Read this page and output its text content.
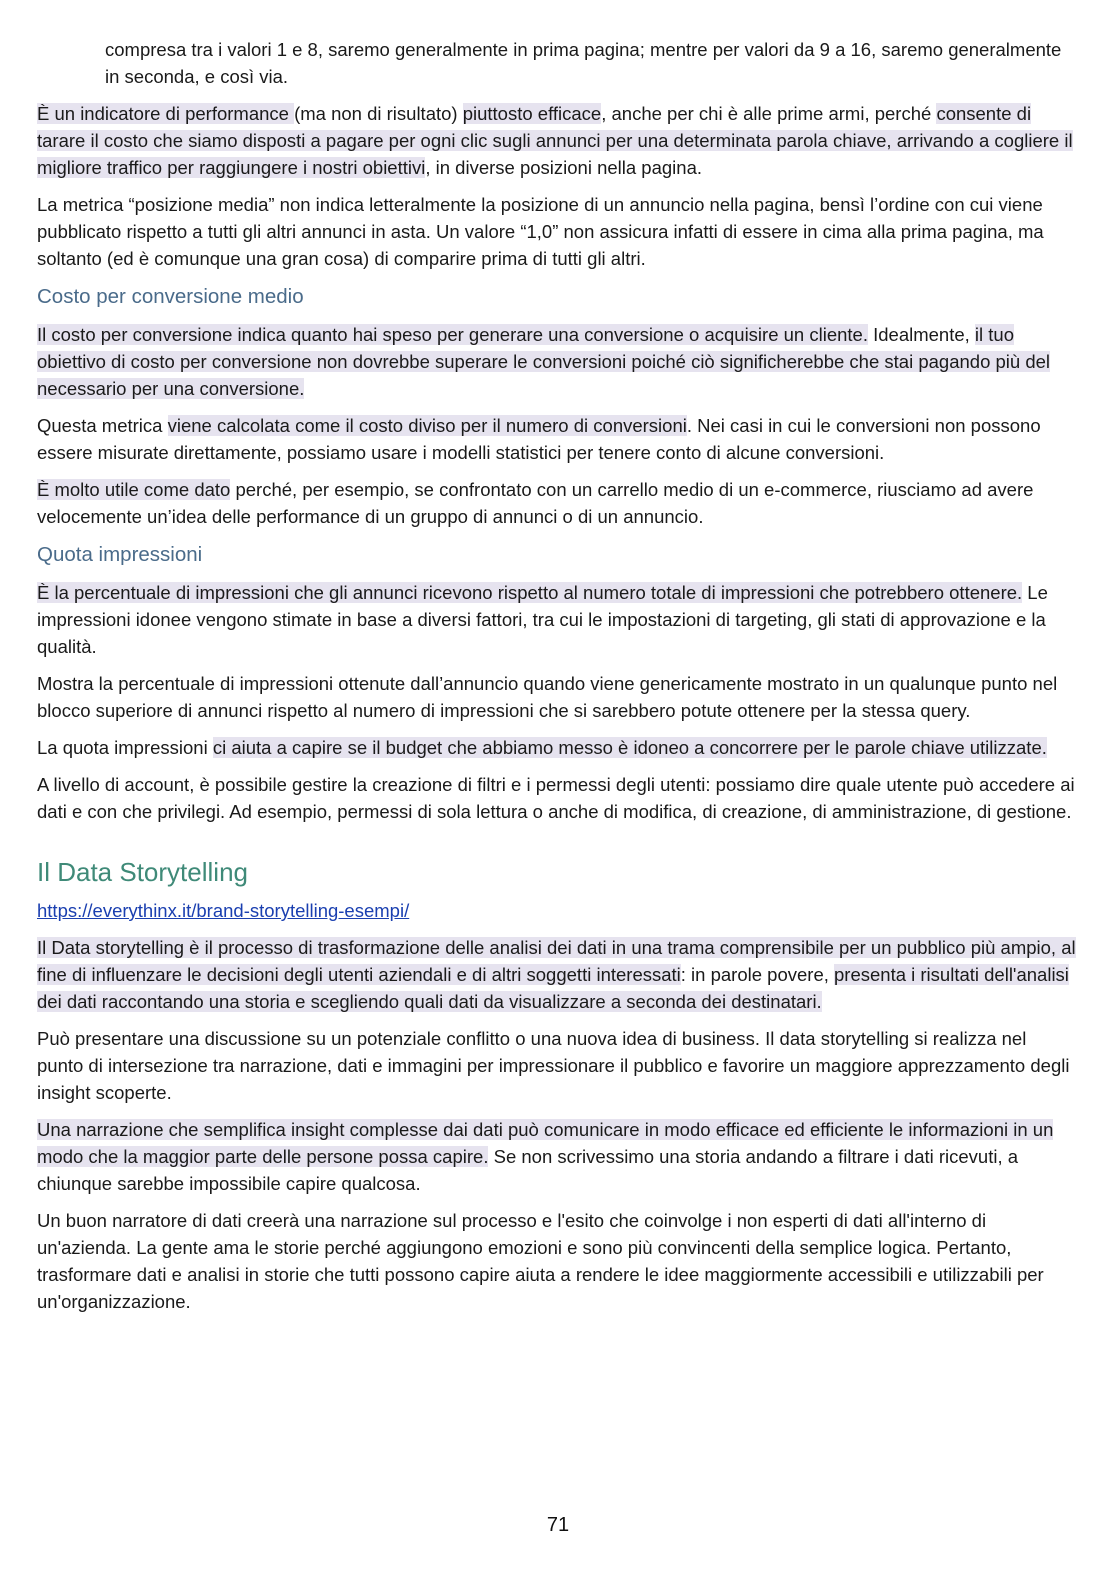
compresa tra i valori 1 e 8, saremo generalmente in prima pagina; mentre per valori da 9 a 16, saremo generalmente in seconda, e così via.

È un indicatore di performance (ma non di risultato) piuttosto efficace, anche per chi è alle prime armi, perché consente di tarare il costo che siamo disposti a pagare per ogni clic sugli annunci per una determinata parola chiave, arrivando a cogliere il migliore traffico per raggiungere i nostri obiettivi, in diverse posizioni nella pagina.

La metrica “posizione media” non indica letteralmente la posizione di un annuncio nella pagina, bensì l’ordine con cui viene pubblicato rispetto a tutti gli altri annunci in asta. Un valore “1,0” non assicura infatti di essere in cima alla prima pagina, ma soltanto (ed è comunque una gran cosa) di comparire prima di tutti gli altri.

Costo per conversione medio

Il costo per conversione indica quanto hai speso per generare una conversione o acquisire un cliente. Idealmente, il tuo obiettivo di costo per conversione non dovrebbe superare le conversioni poiché ciò significherebbe che stai pagando più del necessario per una conversione.

Questa metrica viene calcolata come il costo diviso per il numero di conversioni. Nei casi in cui le conversioni non possono essere misurate direttamente, possiamo usare i modelli statistici per tenere conto di alcune conversioni.

È molto utile come dato perché, per esempio, se confrontato con un carrello medio di un e-commerce, riusciamo ad avere velocemente un’idea delle performance di un gruppo di annunci o di un annuncio.

Quota impressioni

È la percentuale di impressioni che gli annunci ricevono rispetto al numero totale di impressioni che potrebbero ottenere. Le impressioni idonee vengono stimate in base a diversi fattori, tra cui le impostazioni di targeting, gli stati di approvazione e la qualità.

Mostra la percentuale di impressioni ottenute dall’annuncio quando viene genericamente mostrato in un qualunque punto nel blocco superiore di annunci rispetto al numero di impressioni che si sarebbero potute ottenere per la stessa query.

La quota impressioni ci aiuta a capire se il budget che abbiamo messo è idoneo a concorrere per le parole chiave utilizzate.

A livello di account, è possibile gestire la creazione di filtri e i permessi degli utenti: possiamo dire quale utente può accedere ai dati e con che privilegi. Ad esempio, permessi di sola lettura o anche di modifica, di creazione, di amministrazione, di gestione.

Il Data Storytelling
https://everythinx.it/brand-storytelling-esempi/

Il Data storytelling è il processo di trasformazione delle analisi dei dati in una trama comprensibile per un pubblico più ampio, al fine di influenzare le decisioni degli utenti aziendali e di altri soggetti interessati: in parole povere, presenta i risultati dell'analisi dei dati raccontando una storia e scegliendo quali dati da visualizzare a seconda dei destinatari.

Può presentare una discussione su un potenziale conflitto o una nuova idea di business. Il data storytelling si realizza nel punto di intersezione tra narrazione, dati e immagini per impressionare il pubblico e favorire un maggiore apprezzamento degli insight scoperte.

Una narrazione che semplifica insight complesse dai dati può comunicare in modo efficace ed efficiente le informazioni in un modo che la maggior parte delle persone possa capire. Se non scrivessimo una storia andando a filtrare i dati ricevuti, a chiunque sarebbe impossibile capire qualcosa.

Un buon narratore di dati creerà una narrazione sul processo e l'esito che coinvolge i non esperti di dati all'interno di un'azienda. La gente ama le storie perché aggiungono emozioni e sono più convincenti della semplice logica. Pertanto, trasformare dati e analisi in storie che tutti possono capire aiuta a rendere le idee maggiormente accessibili e utilizzabili per un'organizzazione.

71
